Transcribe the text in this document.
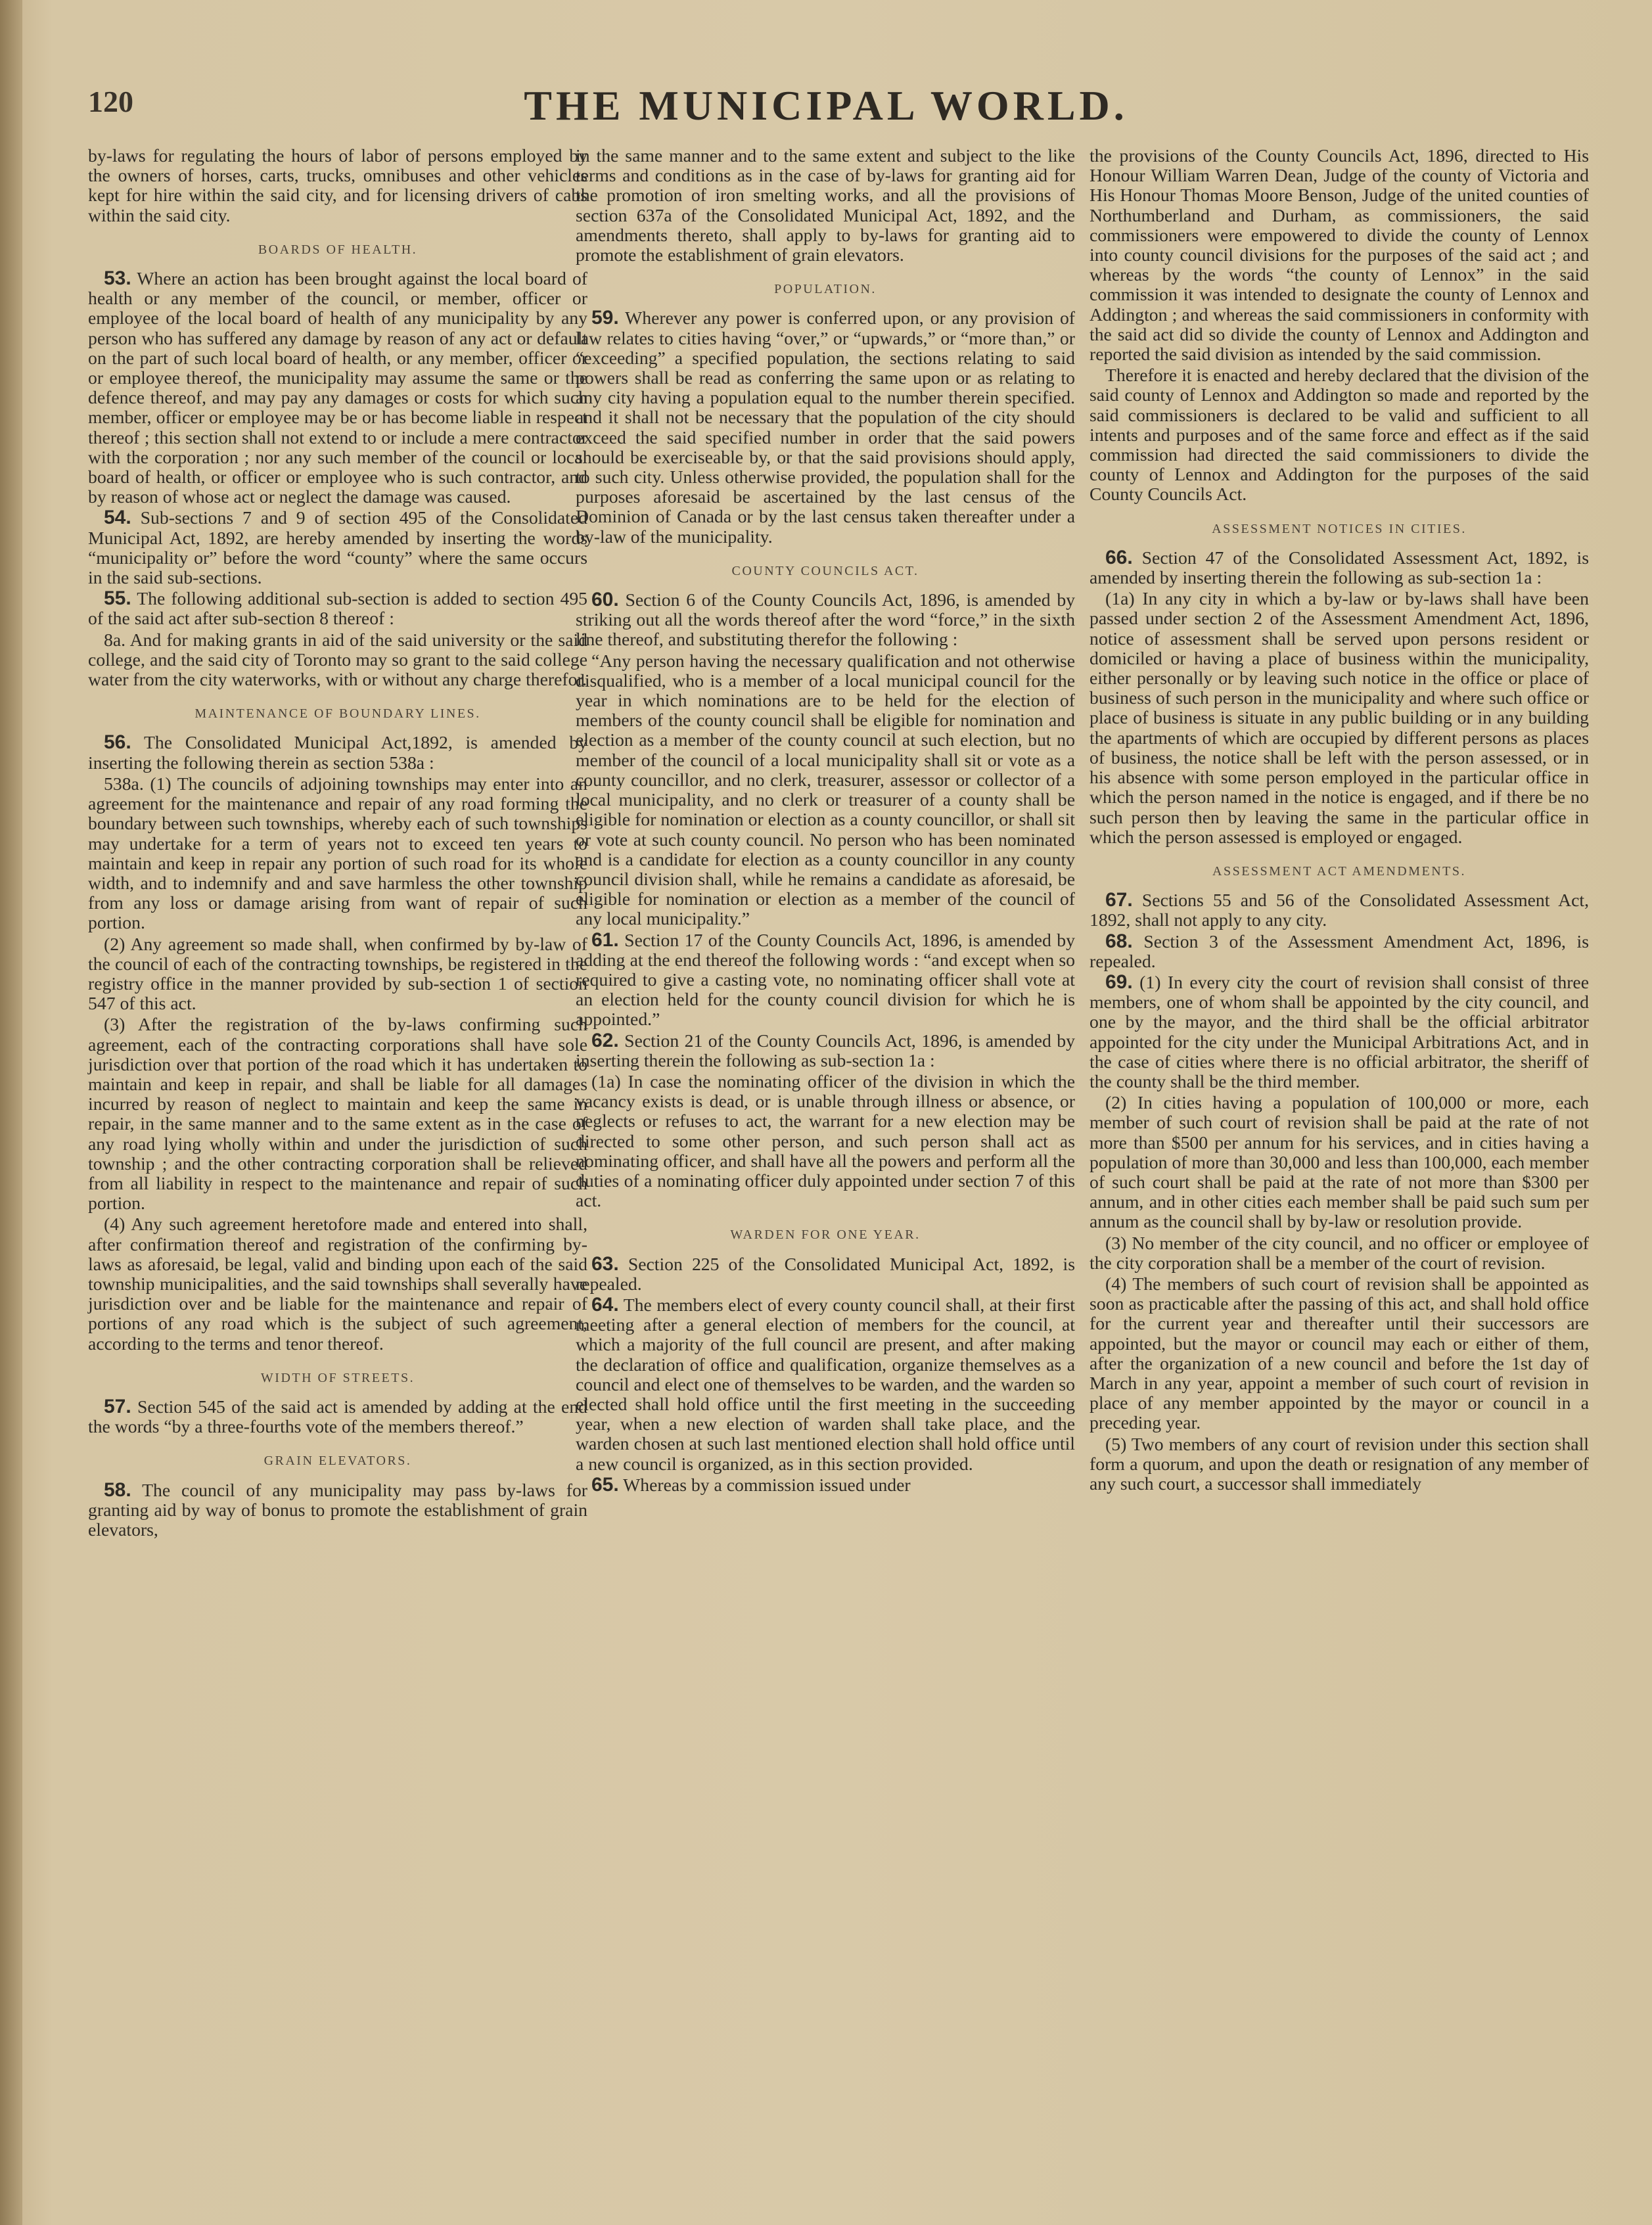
120	THE MUNICIPAL WORLD.

by-laws for regulating the hours of labor of persons employed by the owners of horses, carts, trucks, omnibuses and other vehicles kept for hire within the said city, and for licensing drivers of cabs within the said city.

BOARDS OF HEALTH.

53. Where an action has been brought against the local board of health or any member of the council, or member, officer or employee of the local board of health of any municipality by any person who has suffered any damage by reason of any act or default on the part of such local board of health, or any member, officer or or employee thereof, the municipality may assume the same or the defence thereof, and may pay any damages or costs for which such member, officer or employee may be or has become liable in respect thereof ; this section shall not extend to or include a mere contractor with the corporation ; nor any such member of the council or local board of health, or officer or employee who is such contractor, and by reason of whose act or neglect the damage was caused.

54. Sub-sections 7 and 9 of section 495 of the Consolidated Municipal Act, 1892, are hereby amended by inserting the words “municipality or” before the word “county” where the same occurs in the said sub-sections.

55. The following additional sub-section is added to section 495 of the said act after sub-section 8 thereof :

8a. And for making grants in aid of the said university or the said college, and the said city of Toronto may so grant to the said college water from the city waterworks, with or without any charge therefor.

MAINTENANCE OF BOUNDARY LINES.

56. The Consolidated Municipal Act,1892, is amended by inserting the following therein as section 538a :

538a. (1) The councils of adjoining townships may enter into an agreement for the maintenance and repair of any road forming the boundary between such townships, whereby each of such townships may undertake for a term of years not to exceed ten years to maintain and keep in repair any portion of such road for its whole width, and to indemnify and and save harmless the other township from any loss or damage arising from want of repair of such portion.

(2) Any agreement so made shall, when confirmed by by-law of the council of each of the contracting townships, be registered in the registry office in the manner provided by sub-section 1 of section 547 of this act.

(3) After the registration of the by-laws confirming such agreement, each of the contracting corporations shall have sole jurisdiction over that portion of the road which it has undertaken to maintain and keep in repair, and shall be liable for all damages incurred by reason of neglect to maintain and keep the same in repair, in the same manner and to the same extent as in the case of any road lying wholly within and under the jurisdiction of such township ; and the other contracting corporation shall be relieved from all liability in respect to the maintenance and repair of such portion.

(4) Any such agreement heretofore made and entered into shall, after confirmation thereof and registration of the confirming by-laws as aforesaid, be legal, valid and binding upon each of the said township municipalities, and the said townships shall severally have jurisdiction over and be liable for the maintenance and repair of portions of any road which is the subject of such agreement, according to the terms and tenor thereof.

WIDTH OF STREETS.

57. Section 545 of the said act is amended by adding at the end the words “by a three-fourths vote of the members thereof.”

GRAIN ELEVATORS.

58. The council of any municipality may pass by-laws for granting aid by way of bonus to promote the establishment of grain elevators,

in the same manner and to the same extent and subject to the like terms and conditions as in the case of by-laws for granting aid for the promotion of iron smelting works, and all the provisions of section 637a of the Consolidated Municipal Act, 1892, and the amendments thereto, shall apply to by-laws for granting aid to promote the establishment of grain elevators.

POPULATION.

59. Wherever any power is conferred upon, or any provision of law relates to cities having “over,” or “upwards,” or “more than,” or “exceeding” a specified population, the sections relating to said powers shall be read as conferring the same upon or as relating to any city having a population equal to the number therein specified. and it shall not be necessary that the population of the city should exceed the said specified number in order that the said powers should be exerciseable by, or that the said provisions should apply, to such city. Unless otherwise provided, the population shall for the purposes aforesaid be ascertained by the last census of the Dominion of Canada or by the last census taken thereafter under a by-law of the municipality.

COUNTY COUNCILS ACT.

60. Section 6 of the County Councils Act, 1896, is amended by striking out all the words thereof after the word “force,” in the sixth line thereof, and substituting therefor the following :

“Any person having the necessary qualification and not otherwise disqualified, who is a member of a local municipal council for the year in which nominations are to be held for the election of members of the county council shall be eligible for nomination and election as a member of the county council at such election, but no member of the council of a local municipality shall sit or vote as a county councillor, and no clerk, treasurer, assessor or collector of a local municipality, and no clerk or treasurer of a county shall be eligible for nomination or election as a county councillor, or shall sit or vote at such county council. No person who has been nominated and is a candidate for election as a county councillor in any county council division shall, while he remains a candidate as aforesaid, be eligible for nomination or election as a member of the council of any local municipality.”

61. Section 17 of the County Councils Act, 1896, is amended by adding at the end thereof the following words : “and except when so required to give a casting vote, no nominating officer shall vote at an election held for the county council division for which he is appointed.”

62. Section 21 of the County Councils Act, 1896, is amended by inserting therein the following as sub-section 1a :

(1a) In case the nominating officer of the division in which the vacancy exists is dead, or is unable through illness or absence, or neglects or refuses to act, the warrant for a new election may be directed to some other person, and such person shall act as nominating officer, and shall have all the powers and perform all the duties of a nominating officer duly appointed under section 7 of this act.

WARDEN FOR ONE YEAR.

63. Section 225 of the Consolidated Municipal Act, 1892, is repealed.

64. The members elect of every county council shall, at their first meeting after a general election of members for the council, at which a majority of the full council are present, and after making the declaration of office and qualification, organize themselves as a council and elect one of themselves to be warden, and the warden so elected shall hold office until the first meeting in the succeeding year, when a new election of warden shall take place, and the warden chosen at such last mentioned election shall hold office until a new council is organized, as in this section provided.

65. Whereas by a commission issued under

the provisions of the County Councils Act, 1896, directed to His Honour William Warren Dean, Judge of the county of Victoria and His Honour Thomas Moore Benson, Judge of the united counties of Northumberland and Durham, as commissioners, the said commissioners were empowered to divide the county of Lennox into county council divisions for the purposes of the said act ; and whereas by the words “the county of Lennox” in the said commission it was intended to designate the county of Lennox and Addington ; and whereas the said commissioners in conformity with the said act did so divide the county of Lennox and Addington and reported the said division as intended by the said commission.

Therefore it is enacted and hereby declared that the division of the said county of Lennox and Addington so made and reported by the said commissioners is declared to be valid and sufficient to all intents and purposes and of the same force and effect as if the said commission had directed the said commissioners to divide the county of Lennox and Addington for the purposes of the said County Councils Act.

ASSESSMENT NOTICES IN CITIES.

66. Section 47 of the Consolidated Assessment Act, 1892, is amended by inserting therein the following as sub-section 1a :

(1a) In any city in which a by-law or by-laws shall have been passed under section 2 of the Assessment Amendment Act, 1896, notice of assessment shall be served upon persons resident or domiciled or having a place of business within the municipality, either personally or by leaving such notice in the office or place of business of such person in the municipality and where such office or place of business is situate in any public building or in any building the apartments of which are occupied by different persons as places of business, the notice shall be left with the person assessed, or in his absence with some person employed in the particular office in which the person named in the notice is engaged, and if there be no such person then by leaving the same in the particular office in which the person assessed is employed or engaged.

ASSESSMENT ACT AMENDMENTS.

67. Sections 55 and 56 of the Consolidated Assessment Act, 1892, shall not apply to any city.

68. Section 3 of the Assessment Amendment Act, 1896, is repealed.

69. (1) In every city the court of revision shall consist of three members, one of whom shall be appointed by the city council, and one by the mayor, and the third shall be the official arbitrator appointed for the city under the Municipal Arbitrations Act, and in the case of cities where there is no official arbitrator, the sheriff of the county shall be the third member.

(2) In cities having a population of 100,000 or more, each member of such court of revision shall be paid at the rate of not more than $500 per annum for his services, and in cities having a population of more than 30,000 and less than 100,000, each member of such court shall be paid at the rate of not more than $300 per annum, and in other cities each member shall be paid such sum per annum as the council shall by by-law or resolution provide.

(3) No member of the city council, and no officer or employee of the city corporation shall be a member of the court of revision.

(4) The members of such court of revision shall be appointed as soon as practicable after the passing of this act, and shall hold office for the current year and thereafter until their successors are appointed, but the mayor or council may each or either of them, after the organization of a new council and before the 1st day of March in any year, appoint a member of such court of revision in place of any member appointed by the mayor or council in a preceding year.

(5) Two members of any court of revision under this section shall form a quorum, and upon the death or resignation of any member of any such court, a successor shall immediately
